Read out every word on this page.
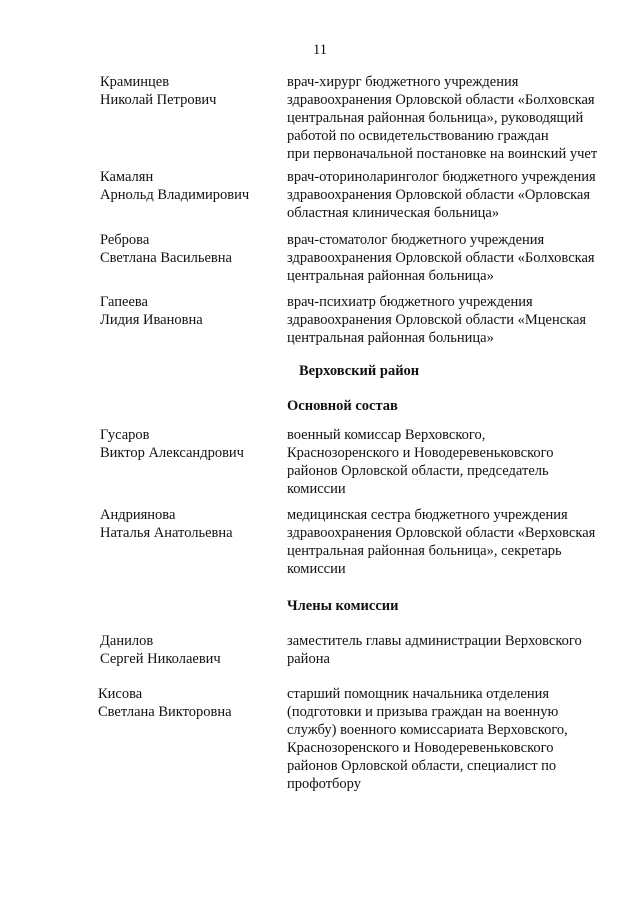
11
Краминцев
Николай Петрович
врач-хирург бюджетного учреждения
здравоохранения Орловской области «Болховская
центральная районная больница», руководящий
работой по освидетельствованию граждан
при первоначальной постановке на воинский учет
Камалян
Арнольд Владимирович
врач-оториноларинголог бюджетного учреждения
здравоохранения Орловской области «Орловская
областная клиническая больница»
Реброва
Светлана Васильевна
врач-стоматолог бюджетного учреждения
здравоохранения Орловской области «Болховская
центральная районная больница»
Гапеева
Лидия Ивановна
врач-психиатр бюджетного учреждения
здравоохранения Орловской области «Мценская
центральная районная больница»
Верховский район
Основной состав
Гусаров
Виктор Александрович
военный комиссар Верховского,
Краснозоренского и Новодеревеньковского
районов Орловской области, председатель
комиссии
Андриянова
Наталья Анатольевна
медицинская сестра бюджетного учреждения
здравоохранения Орловской области «Верховская
центральная районная больница», секретарь
комиссии
Члены комиссии
Данилов
Сергей Николаевич
заместитель главы администрации Верховского
района
Кисова
Светлана Викторовна
старший помощник начальника отделения
(подготовки и призыва граждан на военную
службу) военного комиссариата Верховского,
Краснозоренского и Новодеревеньковского
районов Орловской области, специалист по
профотбору
